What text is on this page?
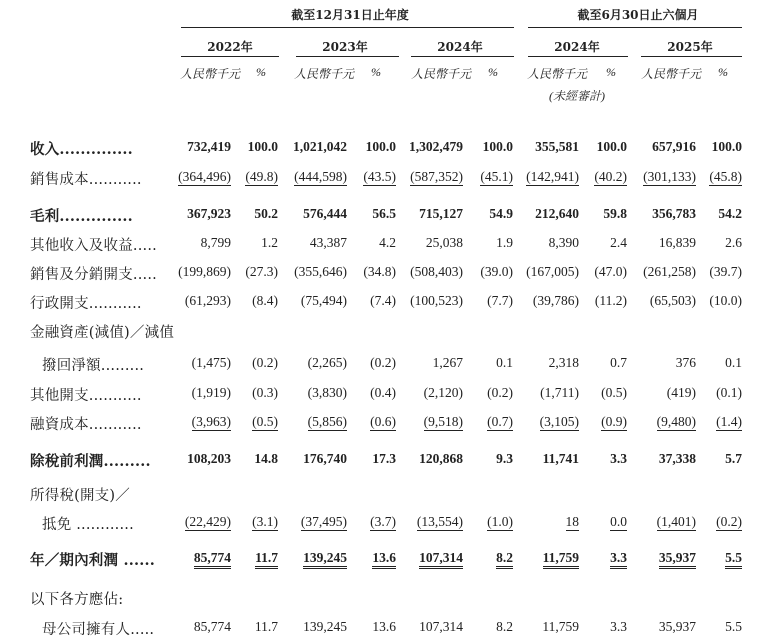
截至12月31日止年度	截至6月30日止六個月
2022年	2023年	2024年	2024年	2025年
人民幣千元	% 人民幣千元	%	人民幣千元	% 人民幣千元	% 人民幣千元	%
(未經審計)
收入..............	732,419	100.0	1,021,042	100.0 1,302,479	100.0	355,581	100.0	657,916	100.0
銷售成本...........	(364,496)	(49.8)	(444,598)	(43.5)	(587,352)	(45.1) (142,941)	(40.2)	(301,133) (45.8)
毛利..............	367,923	50.2	576,444	56.5	715,127	54.9	212,640	59.8	356,783	54.2
其他收入及收益.....	8,799	1.2	43,387	4.2	25,038	1.9	8,390	2.4	16,839	2.6
銷售及分銷開支.....	(199,869)	(27.3)	(355,646)	(34.8)	(508,403)	(39.0) (167,005)	(47.0)	(261,258) (39.7)
行政開支...........	(61,293)	(8.4)	(75,494)	(7.4)	(100,523)	(7.7)	(39,786)	(11.2)	(65,503) (10.0)
金融資產(減值)／減值
撥回淨額.........	(1,475)	(0.2)	(2,265)	(0.2)	1,267	0.1	2,318	0.7	376	0.1
其他開支...........	(1,919)	(0.3)	(3,830)	(0.4)	(2,120)	(0.2)	(1,711)	(0.5)	(419)	(0.1)
融資成本...........	(3,963)	(0.5)	(5,856)	(0.6)	(9,518)	(0.7)	(3,105)	(0.9)	(9,480)	(1.4)
除稅前利潤.........	108,203	14.8	176,740	17.3	120,868	9.3	11,741	3.3	37,338	5.7
所得稅(開支)／
抵免 ............	(22,429)	(3.1)	(37,495)	(3.7)	(13,554)	(1.0)	18	0.0	(1,401)	(0.2)
年／期內利潤 ......	85,774	11.7	139,245	13.6	107,314	8.2	11,759	3.3	35,937	5.5
以下各方應佔:
母公司擁有人.....	85,774	11.7	139,245	13.6	107,314	8.2	11,759	3.3	35,937	5.5
